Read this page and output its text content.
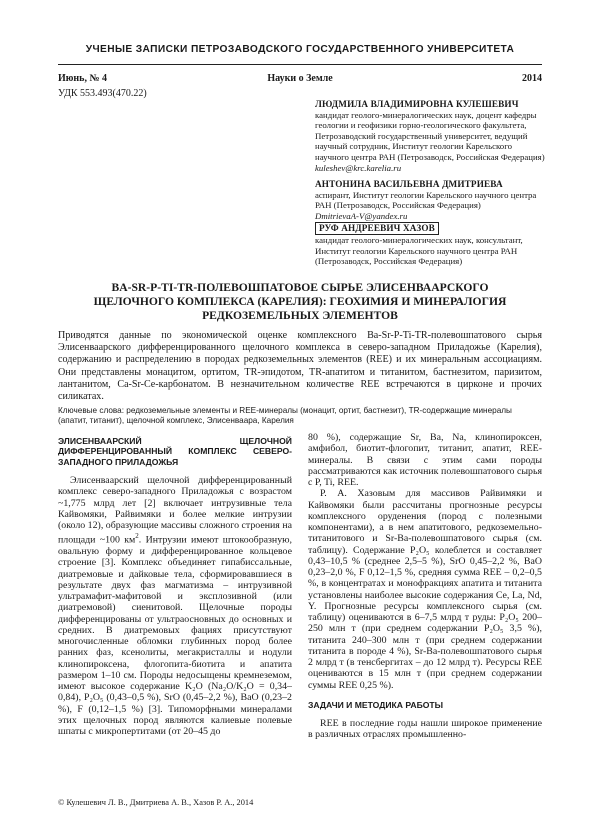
УЧЕНЫЕ ЗАПИСКИ ПЕТРОЗАВОДСКОГО ГОСУДАРСТВЕННОГО УНИВЕРСИТЕТА
Июнь, № 4	Науки о Земле	2014
УДК 553.493(470.22)
ЛЮДМИЛА ВЛАДИМИРОВНА КУЛЕШЕВИЧ
кандидат геолого-минералогических наук, доцент кафедры геологии и геофизики горно-геологического факультета, Петрозаводский государственный университет, ведущий научный сотрудник, Институт геологии Карельского научного центра РАН (Петрозаводск, Российская Федерация)
kuleshev@krc.karelia.ru
АНТОНИНА ВАСИЛЬЕВНА ДМИТРИЕВА
аспирант, Институт геологии Карельского научного центра РАН (Петрозаводск, Российская Федерация)
DmitrievaA-V@yandex.ru
РУФ АНДРЕЕВИЧ ХАЗОВ
кандидат геолого-минералогических наук, консультант, Институт геологии Карельского научного центра РАН (Петрозаводск, Российская Федерация)
BA-SR-P-TI-TR-ПОЛЕВОШПАТОВОЕ СЫРЬЕ ЭЛИСЕНВААРСКОГО
ЩЕЛОЧНОГО КОМПЛЕКСА (КАРЕЛИЯ): ГЕОХИМИЯ И МИНЕРАЛОГИЯ
РЕДКОЗЕМЕЛЬНЫХ ЭЛЕМЕНТОВ
Приводятся данные по экономической оценке комплексного Ba-Sr-P-Ti-TR-полевошпатового сырья Элисенваарского дифференцированного щелочного комплекса в северо-западном Приладожье (Карелия), содержанию и распределению в породах редкоземельных элементов (REE) и их минеральным ассоциациям. Они представлены монацитом, ортитом, TR-эпидотом, TR-апатитом и титанитом, бастнезитом, паризитом, лантанитом, Ca-Sr-Ce-карбонатом. В незначительном количестве REE встречаются в цирконе и прочих силикатах.
Ключевые слова: редкоземельные элементы и REE-минералы (монацит, ортит, бастнезит), TR-содержащие минералы (апатит, титанит), щелочной комплекс, Элисенваара, Карелия
ЭЛИСЕНВААРСКИЙ ЩЕЛОЧНОЙ ДИФФЕРЕНЦИРОВАННЫЙ КОМПЛЕКС СЕВЕРО-ЗАПАДНОГО ПРИЛАДОЖЬЯ

Элисенваарский щелочной дифференцированный комплекс северо-западного Приладожья с возрастом ~1,775 млрд лет [2] включает интрузивные тела Кайвомяки, Райвимяки и более мелкие интрузии (около 12), образующие массивы сложного строения на площади ~100 $км^2$. Интрузии имеют штокообразную, овальную форму и дифференцированное кольцевое строение [3]. Комплекс объединяет гипабиссальные, диатремовые и дайковые тела, сформировавшиеся в результате двух фаз магматизма – интрузивной ультрамафит-мафитовой и эксплозивной (или диатремовой) сиенитовой. Щелочные породы дифференцированы от ультраосновных до основных и средних. В диатремовых фациях присутствуют многочисленные обломки глубинных пород более ранних фаз, ксенолиты, мегакристаллы и нодули клинопироксена, флогопита-биотита и апатита размером 1–10 см. Породы недосыщены кремнеземом, имеют высокое содержание K₂O (Na₂O/K₂O = 0,34–0,84), P₂O₅ (0,43–0,5 %), SrO (0,45–2,2 %), BaO (0,23–2 %), F (0,12–1,5 %) [3]. Типоморфными минералами этих щелочных пород являются калиевые полевые шпаты с микропертитами (от 20–45 до

80 %), содержащие Sr, Ba, Na, клинопироксен, амфибол, биотит-флогопит, титанит, апатит, REE-минералы. В связи с этим сами породы рассматриваются как источник полевошпатового сырья с P, Ti, REE.

Р. А. Хазовым для массивов Райвимяки и Кайвомяки были рассчитаны прогнозные ресурсы комплексного оруденения (пород с полезными компонентами), а в нем апатитового, редкоземельно-титанитового и Sr-Ba-полевошпатового сырья (см. таблицу). Содержание P₂O₅ колеблется и составляет 0,43–10,5 % (среднее 2,5–5 %), SrO 0,45–2,2 %, BaO 0,23–2,0 %, F 0,12–1,5 %, средняя сумма REE – 0,2–0,5 %, в концентратах и монофракциях апатита и титанита установлены наиболее высокие содержания Ce, La, Nd, Y. Прогнозные ресурсы комплексного сырья (см. таблицу) оцениваются в 6–7,5 млрд т руды: P₂O₅ 200–250 млн т (при среднем содержании P₂O₅ 3,5 %), титанита 240–300 млн т (при среднем содержании титанита в породе 4 %), Sr-Ba-полевошпатового сырья 2 млрд т (в тенсбергитах – до 12 млрд т). Ресурсы REE оцениваются в 15 млн т (при среднем содержании суммы REE 0,25 %).

ЗАДАЧИ И МЕТОДИКА РАБОТЫ

REE в последние годы нашли широкое применение в различных отраслях промышленно-

© Кулешевич Л. В., Дмитриева А. В., Хазов Р. А., 2014
